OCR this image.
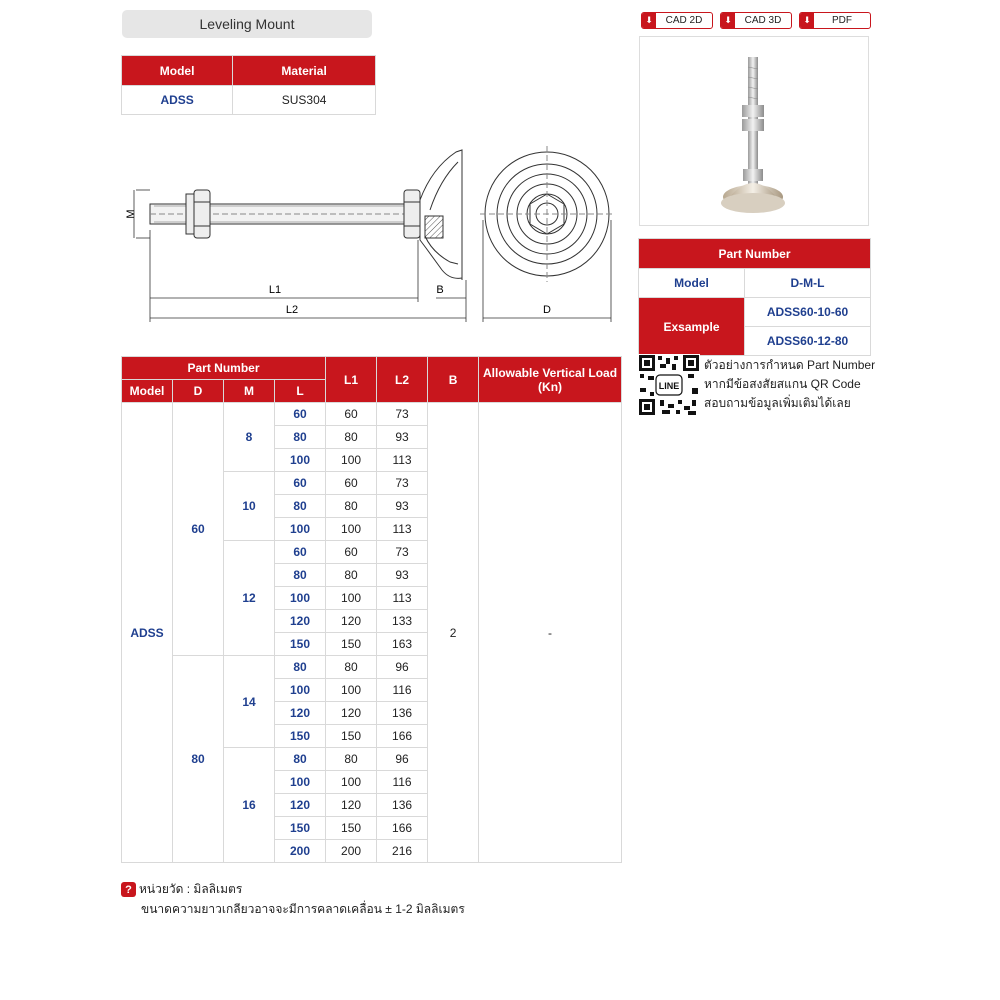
Leveling Mount
Model	Material
ADSS	SUS304
⬇	CAD 2D	⬇	CAD 3D	⬇	PDF
M
L1
L2
B
D
Part Number	
Model	D-M-L
Exsample	ADSS60-10-60
	ADSS60-12-80
LINE
ตัวอย่างการกำหนด Part Number
หากมีข้อสงสัยสแกน QR Code
สอบถามข้อมูลเพิ่มเติมได้เลย
Part Number				L1	L2	B	Allowable Vertical Load (Kn)
Model	D	M	L				
ADSS	60	8	60	60	73	2	-
			80	80	93		
			100	100	113		
		10	60	60	73		
			80	80	93		
			100	100	113		
		12	60	60	73		
			80	80	93		
			100	100	113		
			120	120	133		
			150	150	163		
	80	14	80	80	96		
			100	100	116		
			120	120	136		
			150	150	166		
		16	80	80	96		
			100	100	116		
			120	120	136		
			150	150	166		
			200	200	216		
? หน่วยวัด : มิลลิเมตร
ขนาดความยาวเกลียวอาจจะมีการคลาดเคลื่อน ± 1-2 มิลลิเมตร
